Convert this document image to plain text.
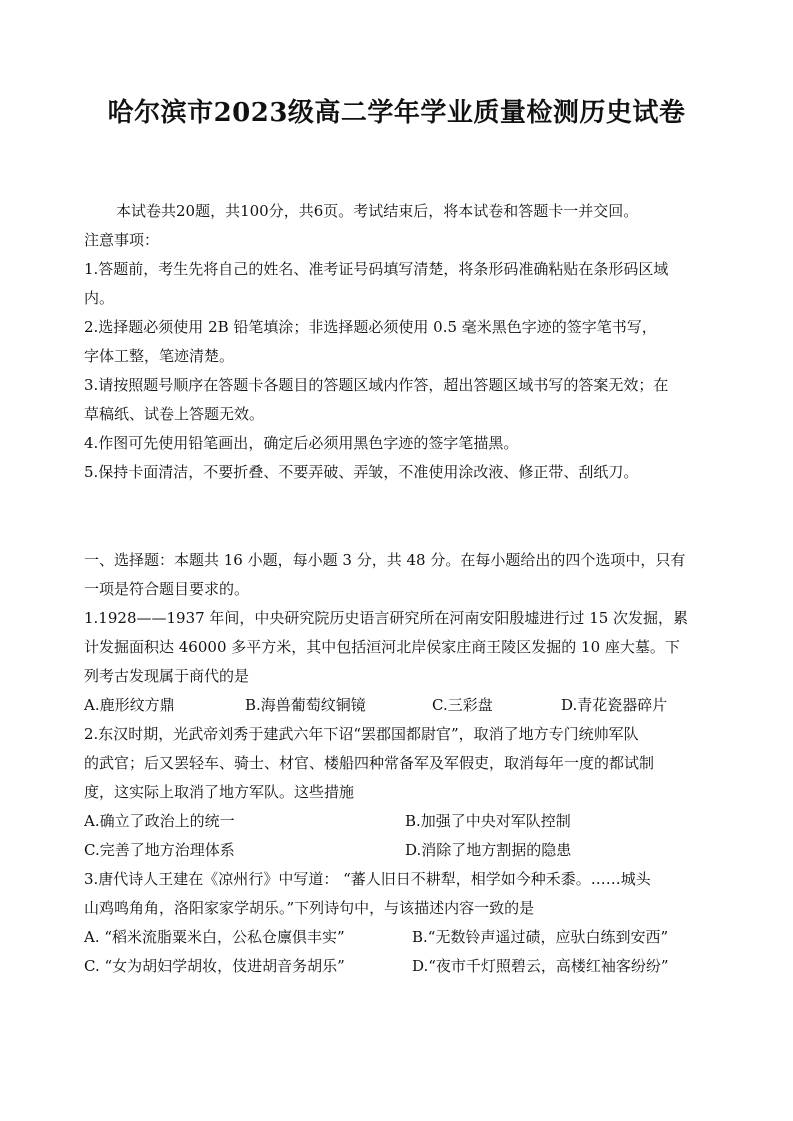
哈尔滨市2023级高二学年学业质量检测历史试卷
本试卷共20题，共100分，共6页。考试结束后，将本试卷和答题卡一并交回。
注意事项：
1.答题前，考生先将自己的姓名、准考证号码填写清楚，将条形码准确粘贴在条形码区域
内。
2.选择题必须使用 2B 铅笔填涂；非选择题必须使用 0.5 毫米黑色字迹的签字笔书写，
字体工整，笔迹清楚。
3.请按照题号顺序在答题卡各题目的答题区域内作答，超出答题区域书写的答案无效；在
草稿纸、试卷上答题无效。
4.作图可先使用铅笔画出，确定后必须用黑色字迹的签字笔描黑。
5.保持卡面清洁，不要折叠、不要弄破、弄皱，不准使用涂改液、修正带、刮纸刀。
一、选择题：本题共 16 小题，每小题 3 分，共 48 分。在每小题给出的四个选项中，只有
一项是符合题目要求的。
1.1928——1937 年间，中央研究院历史语言研究所在河南安阳殷墟进行过 15 次发掘，累
计发掘面积达 46000 多平方米，其中包括洹河北岸侯家庄商王陵区发掘的 10 座大墓。下
列考古发现属于商代的是
A.鹿形纹方鼎	B.海兽葡萄纹铜镜	C.三彩盘	D.青花瓷器碎片
2.东汉时期，光武帝刘秀于建武六年下诏“罢郡国都尉官”，取消了地方专门统帅军队
的武官；后又罢轻车、骑士、材官、楼船四种常备军及军假吏，取消每年一度的都试制
度，这实际上取消了地方军队。这些措施
A.确立了政治上的统一	B.加强了中央对军队控制
C.完善了地方治理体系	D.消除了地方割据的隐患
3.唐代诗人王建在《凉州行》中写道： “蕃人旧日不耕犁，相学如今种禾黍。……城头
山鸡鸣角角，洛阳家家学胡乐。”下列诗句中，与该描述内容一致的是
A. “稻米流脂粟米白，公私仓廪俱丰实”	B.“无数铃声遥过碛，应驮白练到安西”
C. “女为胡妇学胡妆，伎进胡音务胡乐”	D.“夜市千灯照碧云，高楼红袖客纷纷”
